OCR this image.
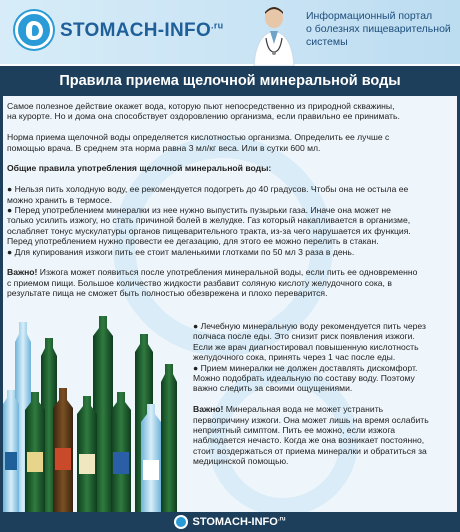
STOMACH-$INFO^{.ru}$
Информационный портал
о болезнях пищеварительной
системы
Правила приема щелочной минеральной воды
Самое полезное действие окажет вода, которую пьют непосредственно из природной скважины,
на курорте. Но и дома она способствует оздоровлению организма, если правильно ее принимать.
Норма приема щелочной воды определяется кислотностью организма. Определить ее лучше с
помощью врача. В среднем эта норма равна 3 мл/кг веса. Или в сутки 600 мл.
Общие правила употребления щелочной минеральной воды:
● Нельзя пить холодную воду, ее рекомендуется подогреть до 40 градусов. Чтобы она не остыла ее
можно хранить в термосе.
● Перед употреблением минералки из нее нужно выпустить пузырьки газа. Иначе она может не
только усилить изжогу, но стать причиной болей в желудке. Газ который накапливается в организме,
ослабляет тонус мускулатуры органов пищеварительного тракта, из-за чего нарушается их функция.
Перед употреблением нужно провести ее дегазацию, для этого ее можно перелить в стакан.
● Для купирования изжоги пить ее стоит маленькими глотками по 50 мл 3 раза в день.
Важно! Изжога может появиться после употребления минеральной воды, если пить ее одновременно
с приемом пищи. Большое количество жидкости разбавит соляную кислоту желудочного сока, в
результате пища не сможет быть полностью обезврежена и плохо переварится.
● Лечебную минеральную воду рекомендуется пить через
полчаса после еды. Это снизит риск появления изжоги.
Если же врач диагностировал повышенную кислотность
желудочного сока, принять через 1 час после еды.
● Прием минералки не должен доставлять дискомфорт.
Можно подобрать идеальную по составу воду. Поэтому
важно следить за своими ощущениями.
Важно! Минеральная вода не может устранить
первопричину изжоги. Она может лишь на время ослабить
неприятный симптом. Пить ее можно, если изжога
наблюдается нечасто. Когда же она возникает постоянно,
стоит воздержаться от приема минералки и обратиться за
медицинской помощью.
STOMACH-$INFO^{.ru}$
